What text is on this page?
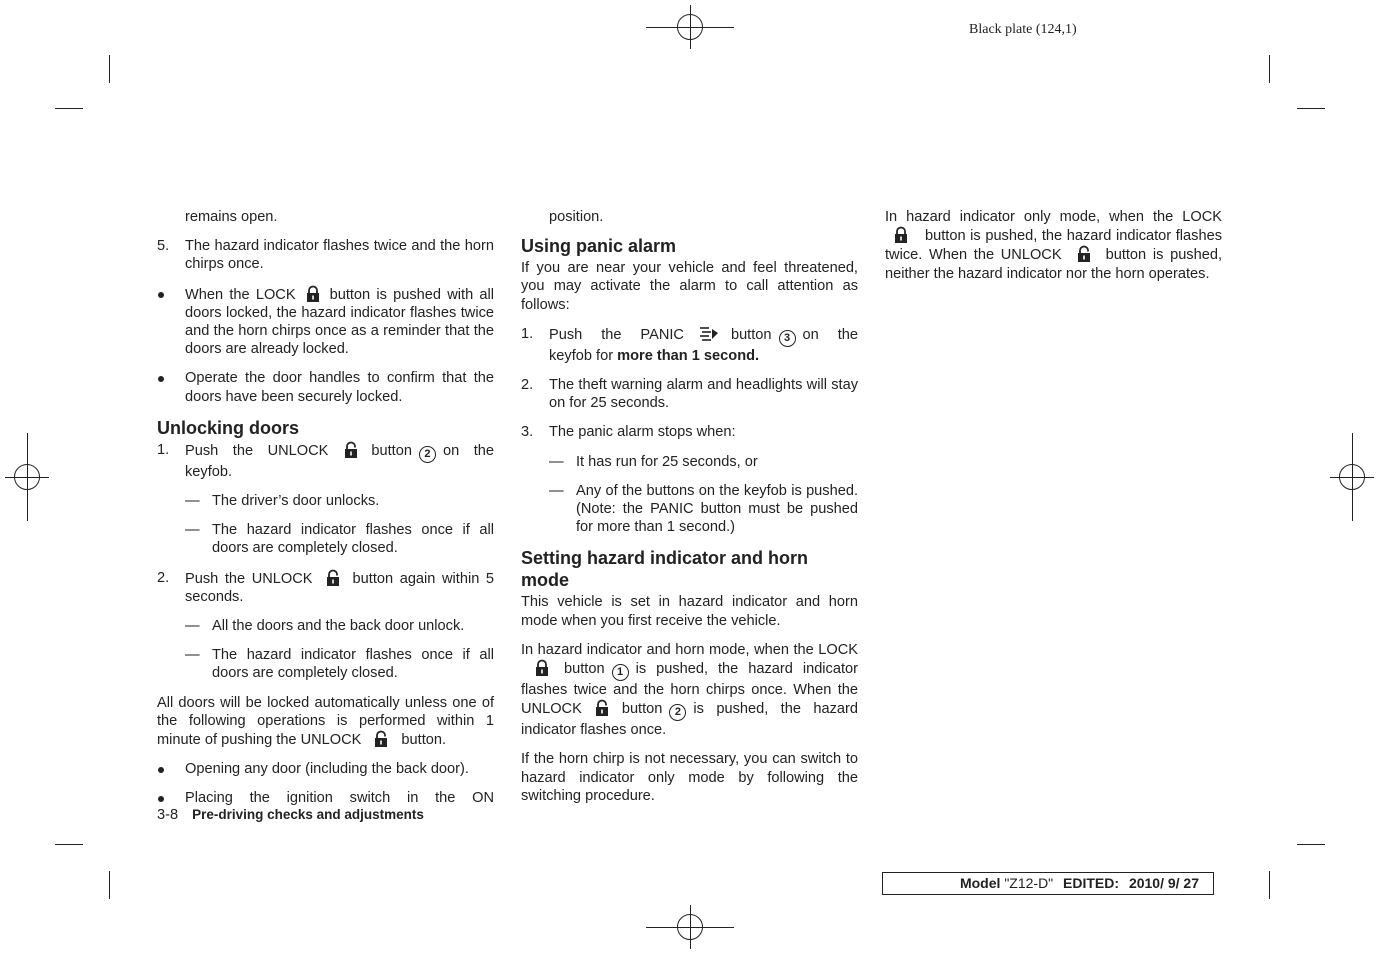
Black plate (124,1)

remains open.

5. The hazard indicator flashes twice and the horn chirps once.
When the LOCK button is pushed with all doors locked, the hazard indicator flashes twice and the horn chirps once as a reminder that the doors are already locked.
Operate the door handles to confirm that the doors have been securely locked.
Unlocking doors
1. Push the UNLOCK	button 2 on the keyfob.
— The driver’s door unlocks.
— The hazard indicator flashes once if all doors are completely closed.
2. Push the UNLOCK	button again within 5 seconds.
— All the doors and the back door unlock.
— The hazard indicator flashes once if all doors are completely closed.

All doors will be locked automatically unless one of the following operations is performed within 1 minute of pushing the UNLOCK	button.

Opening any door (including the back door).
Placing the ignition switch in the ON

position.

Using panic alarm

If you are near your vehicle and feel threatened, you may activate the alarm to call attention as follows:

1. Push the PANIC	button 3 on the keyfob for more than 1 second.
2. The theft warning alarm and headlights will stay on for 25 seconds.
3. The panic alarm stops when:
— It has run for 25 seconds, or
— Any of the buttons on the keyfob is pushed. (Note: the PANIC button must be pushed for more than 1 second.)
Setting hazard indicator and horn mode

This vehicle is set in hazard indicator and horn mode when you first receive the vehicle.

In hazard indicator and horn mode, when the LOCKbutton 1 is pushed, the hazard indicator flashes twice and the horn chirps once. When the UNLOCK	button 2 is pushed, the hazard indicator flashes once.

If the horn chirp is not necessary, you can switch to hazard indicator only mode by following the switching procedure.

In hazard indicator only mode, when the LOCKbutton is pushed, the hazard indicator flashes twice. When the UNLOCK	button is pushed, neither the hazard indicator nor the horn operates.

3-8 Pre-driving checks and adjustments
Model "Z12-D" EDITED: 2010/ 9/ 27
